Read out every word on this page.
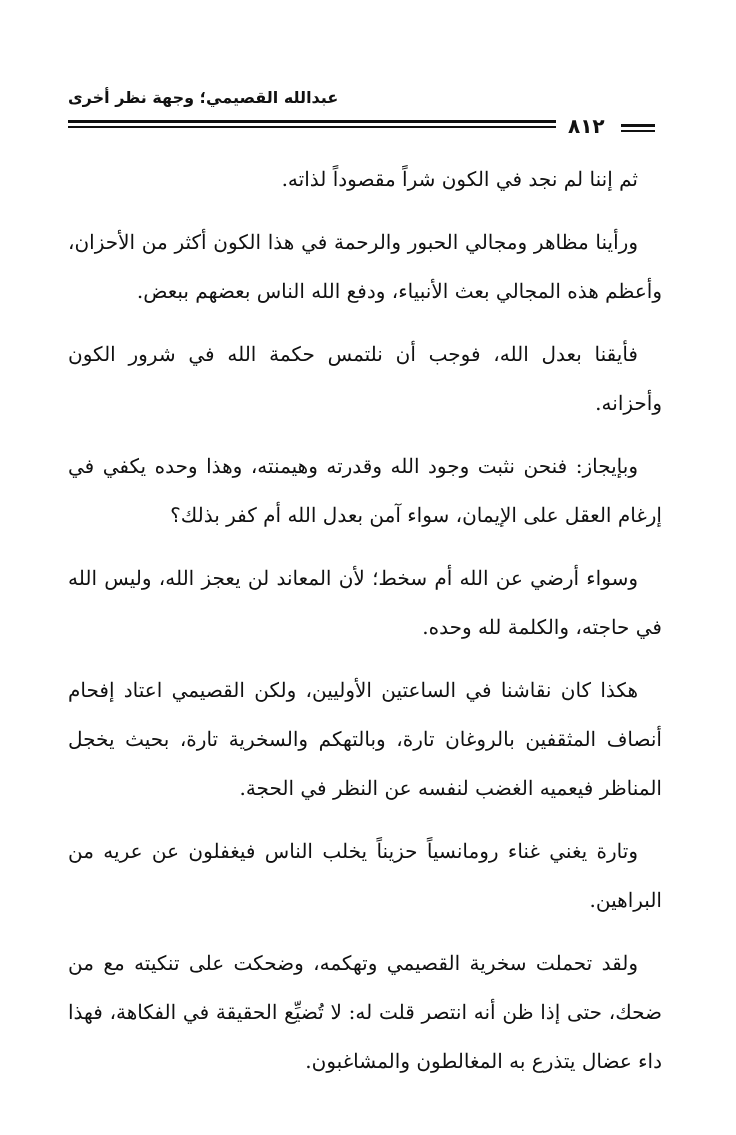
عبدالله القصيمي؛ وجهة نظر أخرى
٨١٢

ثم إننا لم نجد في الكون شراً مقصوداً لذاته.

ورأينا مظاهر ومجالي الحبور والرحمة في هذا الكون أكثر من الأحزان، وأعظم هذه المجالي بعث الأنبياء، ودفع الله الناس بعضهم ببعض.

فأيقنا بعدل الله، فوجب أن نلتمس حكمة الله في شرور الكون وأحزانه.

وبإيجاز: فنحن نثبت وجود الله وقدرته وهيمنته، وهذا وحده يكفي في إرغام العقل على الإيمان، سواء آمن بعدل الله أم كفر بذلك؟

وسواء أرضي عن الله أم سخط؛ لأن المعاند لن يعجز الله، وليس الله في حاجته، والكلمة لله وحده.

هكذا كان نقاشنا في الساعتين الأوليين، ولكن القصيمي اعتاد إفحام أنصاف المثقفين بالروغان تارة، وبالتهكم والسخرية تارة، بحيث يخجل المناظر فيعميه الغضب لنفسه عن النظر في الحجة.

وتارة يغني غناء رومانسياً حزيناً يخلب الناس فيغفلون عن عريه من البراهين.

ولقد تحملت سخرية القصيمي وتهكمه، وضحكت على تنكيته مع من ضحك، حتى إذا ظن أنه انتصر قلت له: لا تُضيِّع الحقيقة في الفكاهة، فهذا داء عضال يتذرع به المغالطون والمشاغبون.
